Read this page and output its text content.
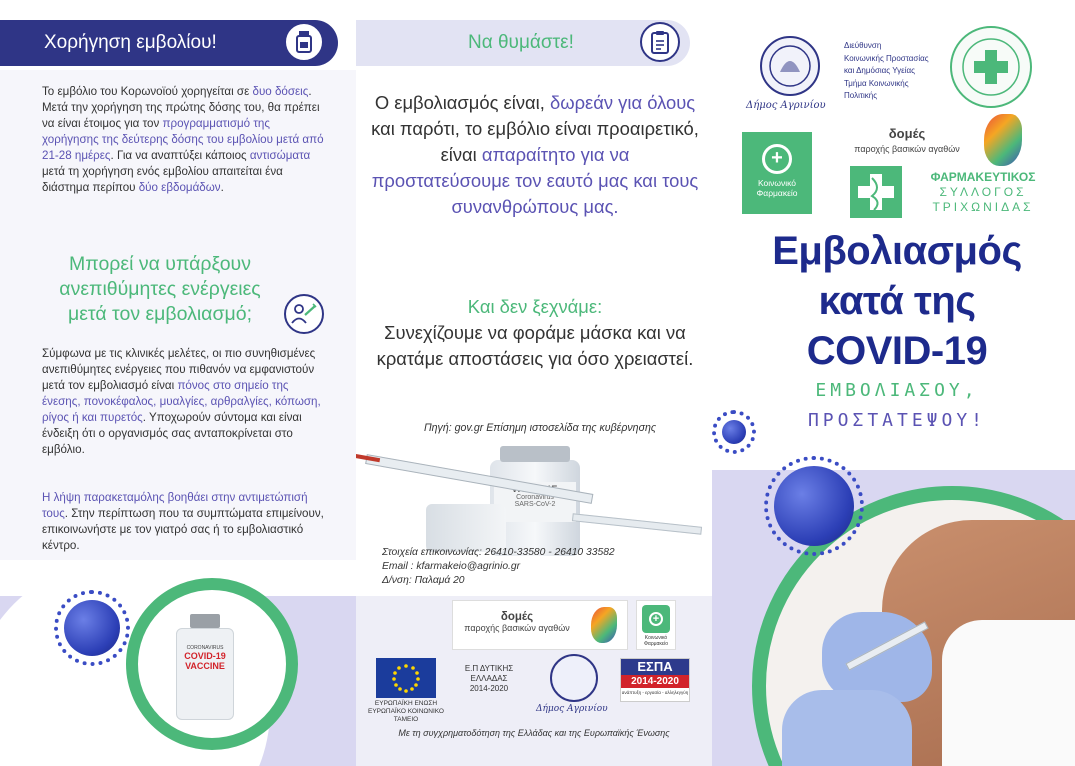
Χορήγηση εμβολίου!

Το εμβόλιο του Κορωνοϊού χορηγείται σε δυο δόσεις. Μετά την χορήγηση της πρώτης δόσης του, θα πρέπει να είναι έτοιμος για τον προγραμματισμό της χορήγησης της δεύτερης δόσης του εμβολίου μετά από 21-28 ημέρες. Για να αναπτύξει κάποιος αντισώματα μετά τη χορήγηση ενός εμβολίου απαιτείται ένα διάστημα περίπου δύο εβδομάδων.

Μπορεί να υπάρξουν ανεπιθύμητες ενέργειες μετά τον εμβολιασμό;

Σύμφωνα με τις κλινικές μελέτες, οι πιο συνηθισμένες ανεπιθύμητες ενέργειες που πιθανόν να εμφανιστούν μετά τον εμβολιασμό είναι πόνος στο σημείο της ένεσης, πονοκέφαλος, μυαλγίες, αρθραλγίες, κόπωση, ρίγος ή και πυρετός. Υποχωρούν σύντομα και είναι ένδειξη ότι ο οργανισμός σας ανταποκρίνεται στο εμβόλιο.

Η λήψη παρακεταμόλης βοηθάει στην αντιμετώπισή τους. Στην περίπτωση που τα συμπτώματα επιμείνουν, επικοινωνήστε με τον γιατρό σας ή το εμβολιαστικό κέντρο.

CORONAVIRUS
COVID-19
VACCINE
Να θυμάστε!

Ο εμβολιασμός είναι, δωρεάν για όλους και παρότι, το εμβόλιο είναι προαιρετικό, είναι απαραίτητο για να προστατεύσουμε τον εαυτό μας και τους συνανθρώπους μας.

Και δεν ξεχνάμε:

Συνεχίζουμε να φοράμε μάσκα και να κρατάμε αποστάσεις για όσο χρειαστεί.

Πηγή: gov.gr Επίσημη ιστοσελίδα της κυβέρνησης

Coronavirus
SARS-CoV-2
Στοιχεία επικοινωνίας: 26410-33580 - 26410 33582
Email : kfarmakeio@agrinio.gr
Δ/νση: Παλαμά 20
δομές
παροχής βασικών αγαθών
+
Κοινωνικό Φαρμακείο
ΕΥΡΩΠΑΪΚΗ ΕΝΩΣΗ
ΕΥΡΩΠΑΪΚΟ ΚΟΙΝΩΝΙΚΟ ΤΑΜΕΙΟ
Ε.Π ΔΥΤΙΚΗΣ
ΕΛΛΑΔΑΣ
2014-2020
Δήμος Αγρινίου
ΕΣΠΑ
2014-2020
ανάπτυξη - εργασία - αλληλεγγύη
Με τη συγχρηματοδότηση της Ελλάδας και της Ευρωπαϊκής Ένωσης
Δήμος Αγρινίου
Διεύθυνση
Κοινωνικής Προστασίας
και Δημόσιας Υγείας
Τμήμα Κοινωνικής
Πολιτικής
δομές
παροχής βασικών αγαθών
+
Κοινωνικό
Φαρμακείο
ΦΑΡΜΑΚΕΥΤΙΚΟΣ
ΣΥΛΛΟΓΟΣ
ΤΡΙΧΩΝΙΔΑΣ
Εμβολιασμός
κατά της
COVID-19
ΕΜΒΟΛΙΑΣΟΥ,
ΠΡΟΣΤΑΤΕΨΟΥ!
